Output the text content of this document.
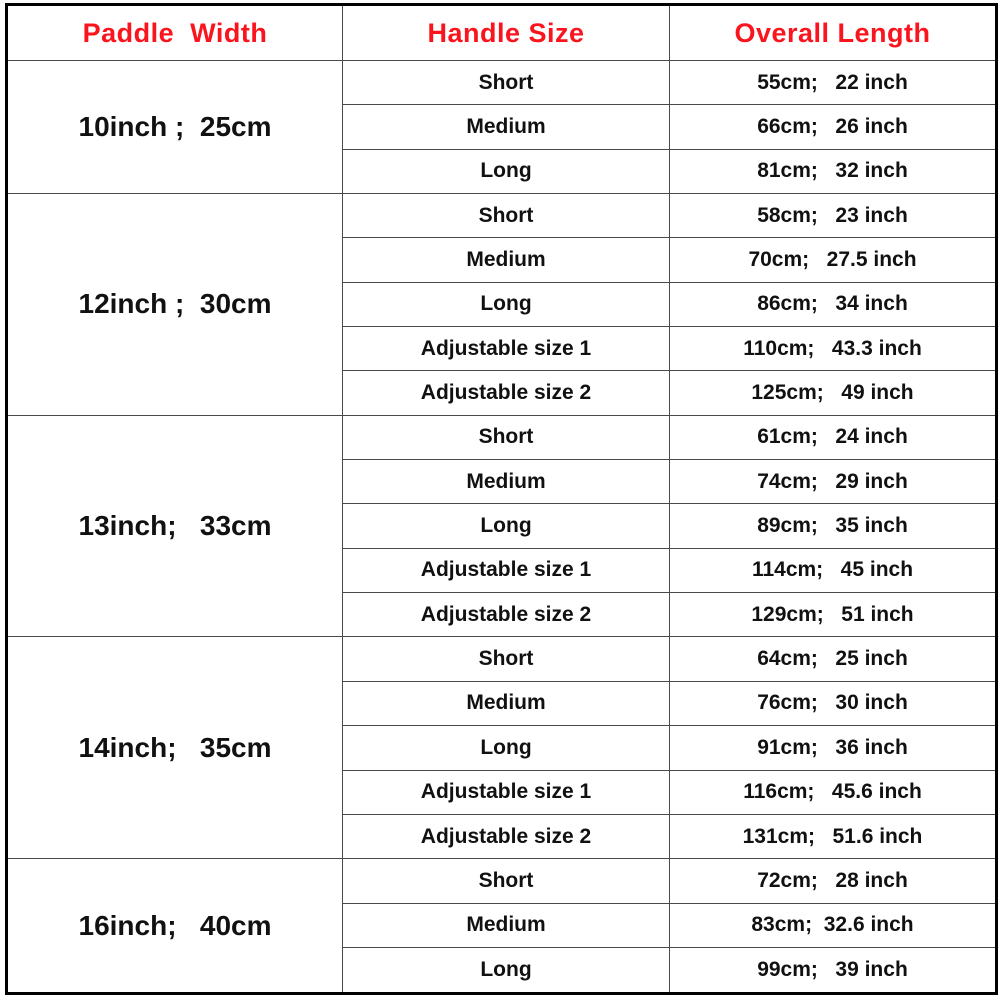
Paddle  Width	Handle Size	Overall Length
10inch ;  25cm	Short	55cm;   22 inch
	Medium	66cm;   26 inch
	Long	81cm;   32 inch
12inch ;  30cm	Short	58cm;   23 inch
	Medium	70cm;   27.5 inch
	Long	86cm;   34 inch
	Adjustable size 1	110cm;   43.3 inch
	Adjustable size 2	125cm;   49 inch
13inch;   33cm	Short	61cm;   24 inch
	Medium	74cm;   29 inch
	Long	89cm;   35 inch
	Adjustable size 1	114cm;   45 inch
	Adjustable size 2	129cm;   51 inch
14inch;   35cm	Short	64cm;   25 inch
	Medium	76cm;   30 inch
	Long	91cm;   36 inch
	Adjustable size 1	116cm;   45.6 inch
	Adjustable size 2	131cm;   51.6 inch
16inch;   40cm	Short	72cm;   28 inch
	Medium	83cm;  32.6 inch
	Long	99cm;   39 inch
